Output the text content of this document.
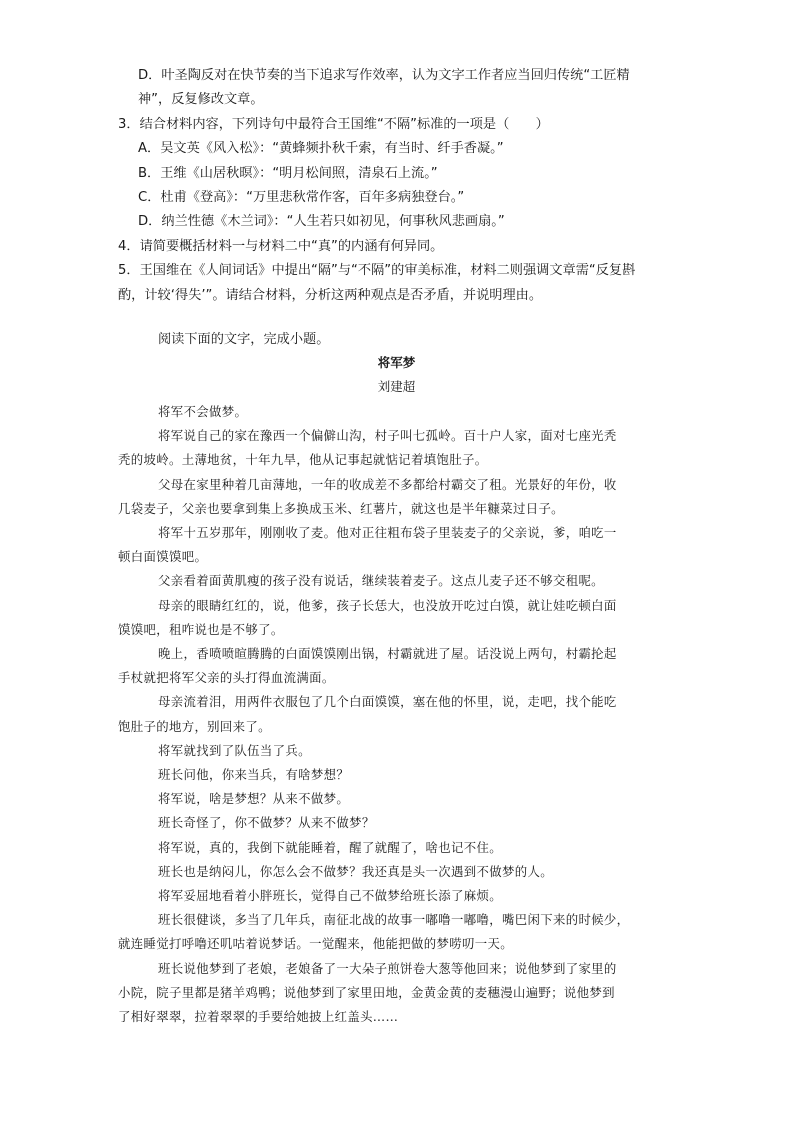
D．叶圣陶反对在快节奏的当下追求写作效率，认为文字工作者应当回归传统“工匠精

神”，反复修改文章。

3．结合材料内容，下列诗句中最符合王国维“不隔”标准的一项是（　　）

A．吴文英《风入松》：“黄蜂频扑秋千索，有当时、纤手香凝。”

B．王维《山居秋暝》：“明月松间照，清泉石上流。”

C．杜甫《登高》：“万里悲秋常作客，百年多病独登台。”

D．纳兰性德《木兰词》：“人生若只如初见，何事秋风悲画扇。”

4．请简要概括材料一与材料二中“真”的内涵有何异同。

5．王国维在《人间词话》中提出“隔”与“不隔”的审美标准，材料二则强调文章需“反复斟

酌，计较‘得失’”。请结合材料，分析这两种观点是否矛盾，并说明理由。

阅读下面的文字，完成小题。

将军梦

刘建超

将军不会做梦。

将军说自己的家在豫西一个偏僻山沟，村子叫七孤岭。百十户人家，面对七座光秃

秃的坡岭。土薄地贫，十年九旱，他从记事起就惦记着填饱肚子。

父母在家里种着几亩薄地，一年的收成差不多都给村霸交了租。光景好的年份，收

几袋麦子，父亲也要拿到集上多换成玉米、红薯片，就这也是半年糠菜过日子。

将军十五岁那年，刚刚收了麦。他对正往粗布袋子里装麦子的父亲说，爹，咱吃一

顿白面馍馍吧。

父亲看着面黄肌瘦的孩子没有说话，继续装着麦子。这点儿麦子还不够交租呢。

母亲的眼睛红红的，说，他爹，孩子长恁大，也没放开吃过白馍，就让娃吃顿白面

馍馍吧，租咋说也是不够了。

晚上，香喷喷暄腾腾的白面馍馍刚出锅，村霸就进了屋。话没说上两句，村霸抡起

手杖就把将军父亲的头打得血流满面。

母亲流着泪，用两件衣服包了几个白面馍馍，塞在他的怀里，说，走吧，找个能吃

饱肚子的地方，别回来了。

将军就找到了队伍当了兵。

班长问他，你来当兵，有啥梦想？

将军说，啥是梦想？从来不做梦。

班长奇怪了，你不做梦？从来不做梦？

将军说，真的，我倒下就能睡着，醒了就醒了，啥也记不住。

班长也是纳闷儿，你怎么会不做梦？我还真是头一次遇到不做梦的人。

将军妥屈地看着小胖班长，觉得自己不做梦给班长添了麻烦。

班长很健谈，多当了几年兵，南征北战的故事一嘟噜一嘟噜，嘴巴闲下来的时候少，

就连睡觉打呼噜还叽咕着说梦话。一觉醒来，他能把做的梦唠叨一天。

班长说他梦到了老娘，老娘备了一大朵子煎饼卷大葱等他回来；说他梦到了家里的

小院，院子里都是猪羊鸡鸭；说他梦到了家里田地，金黄金黄的麦穗漫山遍野；说他梦到

了相好翠翠，拉着翠翠的手要给她披上红盖头……
